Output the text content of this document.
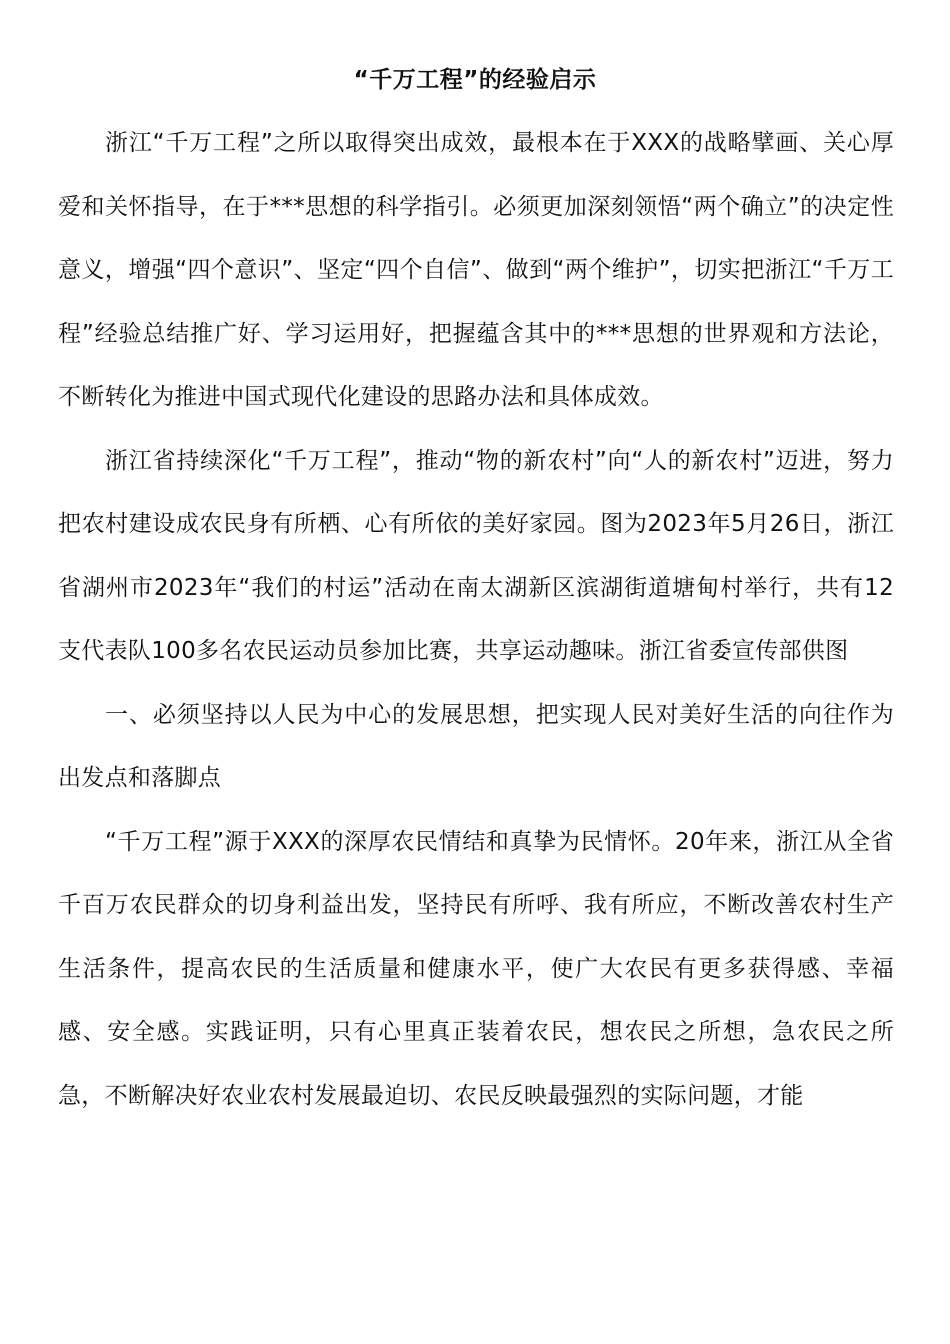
“千万工程”的经验启示

浙江“千万工程”之所以取得突出成效，最根本在于XXX的战略擘画、关心厚爱和关怀指导，在于***思想的科学指引。必须更加深刻领悟“两个确立”的决定性意义，增强“四个意识”、坚定“四个自信”、做到“两个维护”，切实把浙江“千万工程”经验总结推广好、学习运用好，把握蕴含其中的***思想的世界观和方法论，不断转化为推进中国式现代化建设的思路办法和具体成效。

浙江省持续深化“千万工程”，推动“物的新农村”向“人的新农村”迈进，努力把农村建设成农民身有所栖、心有所依的美好家园。图为2023年5月26日，浙江省湖州市2023年“我们的村运”活动在南太湖新区滨湖街道塘甸村举行，共有12支代表队100多名农民运动员参加比赛，共享运动趣味。浙江省委宣传部供图

一、必须坚持以人民为中心的发展思想，把实现人民对美好生活的向往作为出发点和落脚点

“千万工程”源于XXX的深厚农民情结和真挚为民情怀。20年来，浙江从全省千百万农民群众的切身利益出发，坚持民有所呼、我有所应，不断改善农村生产生活条件，提高农民的生活质量和健康水平，使广大农民有更多获得感、幸福感、安全感。实践证明，只有心里真正装着农民，想农民之所想，急农民之所急，不断解决好农业农村发展最迫切、农民反映最强烈的实际问题，才能
